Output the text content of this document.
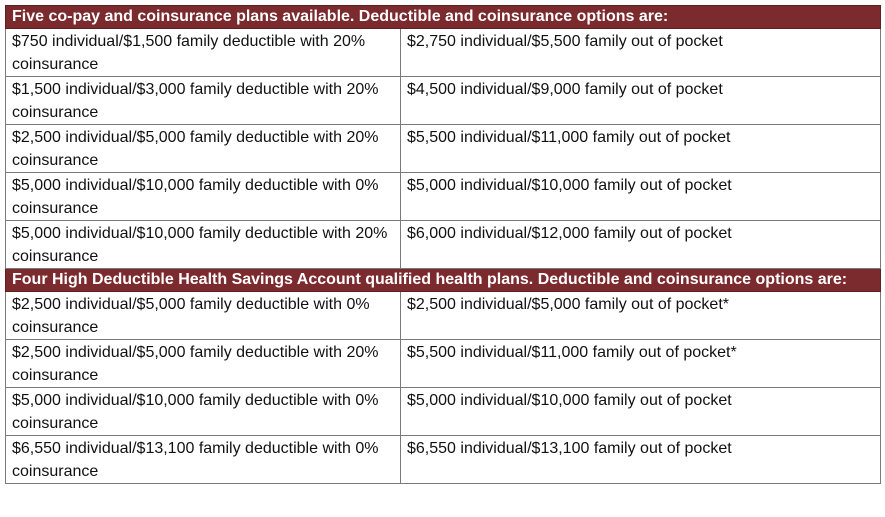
Five co-pay and coinsurance plans available. Deductible and coinsurance options are:	
$750 individual/$1,500 family deductible with 20% coinsurance	$2,750 individual/$5,500 family out of pocket
$1,500 individual/$3,000 family deductible with 20% coinsurance	$4,500 individual/$9,000 family out of pocket
$2,500 individual/$5,000 family deductible with 20% coinsurance	$5,500 individual/$11,000 family out of pocket
$5,000 individual/$10,000 family deductible with 0% coinsurance	$5,000 individual/$10,000 family out of pocket
$5,000 individual/$10,000 family deductible with 20% coinsurance	$6,000 individual/$12,000 family out of pocket
Four High Deductible Health Savings Account qualified health plans. Deductible and coinsurance options are:	
$2,500 individual/$5,000 family deductible with 0% coinsurance	$2,500 individual/$5,000 family out of pocket*
$2,500 individual/$5,000 family deductible with 20% coinsurance	$5,500 individual/$11,000 family out of pocket*
$5,000 individual/$10,000 family deductible with 0% coinsurance	$5,000 individual/$10,000 family out of pocket
$6,550 individual/$13,100 family deductible with 0% coinsurance	$6,550 individual/$13,100 family out of pocket
